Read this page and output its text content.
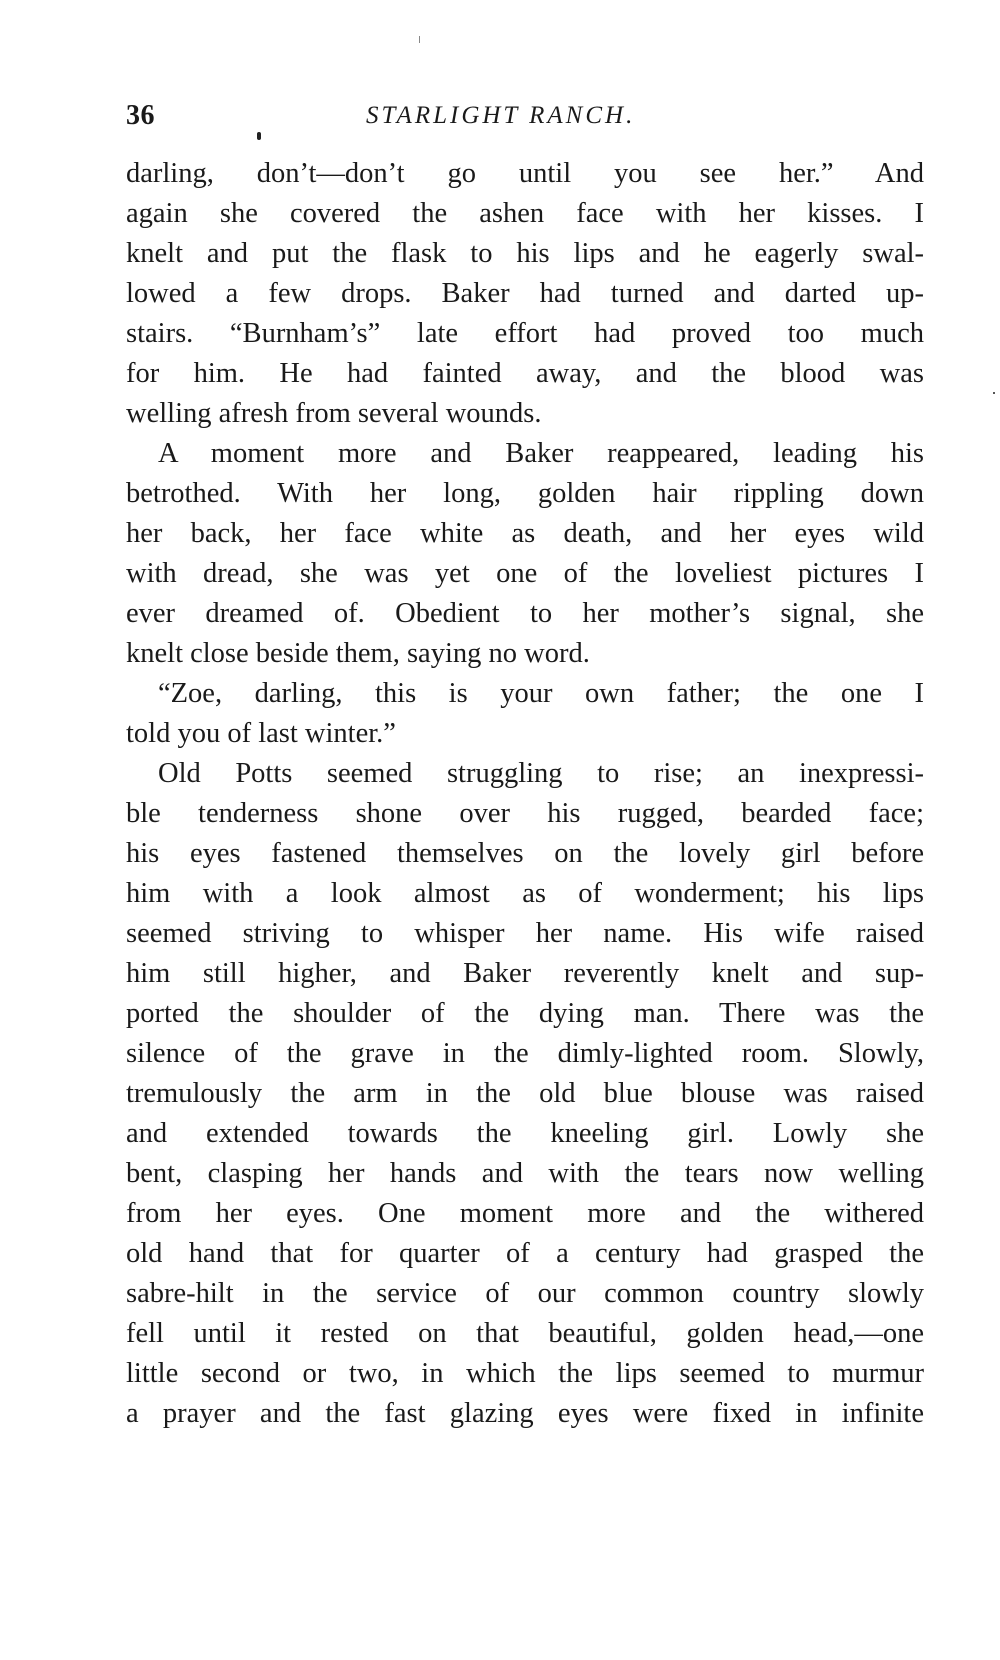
36	STARLIGHT RANCH.
darling, don’t—don’t go until you see her.” And
again she covered the ashen face with her kisses. I
knelt and put the flask to his lips and he eagerly swal-
lowed a few drops. Baker had turned and darted up-
stairs. “Burnham’s” late effort had proved too much
for him. He had fainted away, and the blood was
welling afresh from several wounds.
A moment more and Baker reappeared, leading his
betrothed. With her long, golden hair rippling down
her back, her face white as death, and her eyes wild
with dread, she was yet one of the loveliest pictures I
ever dreamed of. Obedient to her mother’s signal, she
knelt close beside them, saying no word.
“Zoe, darling, this is your own father; the one I
told you of last winter.”
Old Potts seemed struggling to rise; an inexpressi-
ble tenderness shone over his rugged, bearded face;
his eyes fastened themselves on the lovely girl before
him with a look almost as of wonderment; his lips
seemed striving to whisper her name. His wife raised
him still higher, and Baker reverently knelt and sup-
ported the shoulder of the dying man. There was the
silence of the grave in the dimly-lighted room. Slowly,
tremulously the arm in the old blue blouse was raised
and extended towards the kneeling girl. Lowly she
bent, clasping her hands and with the tears now welling
from her eyes. One moment more and the withered
old hand that for quarter of a century had grasped the
sabre-hilt in the service of our common country slowly
fell until it rested on that beautiful, golden head,—one
little second or two, in which the lips seemed to murmur
a prayer and the fast glazing eyes were fixed in infinite
